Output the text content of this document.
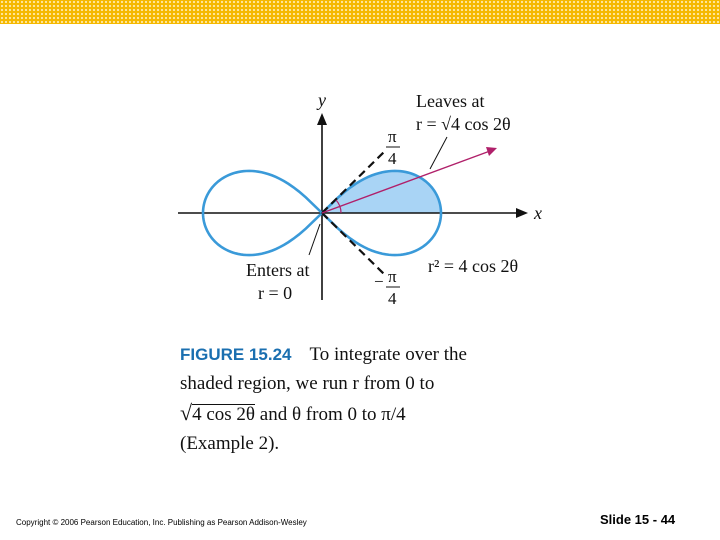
y
x
Leaves at
r = √4 cos 2θ
π
4
Enters at
r = 0
− π
4
r² = 4 cos 2θ
FIGURE 15.24 To integrate over the
shaded region, we run r from 0 to
√4 cos 2θ and θ from 0 to π/4
(Example 2).
Copyright © 2006 Pearson Education, Inc. Publishing as Pearson Addison-Wesley	Slide 15 - 44
